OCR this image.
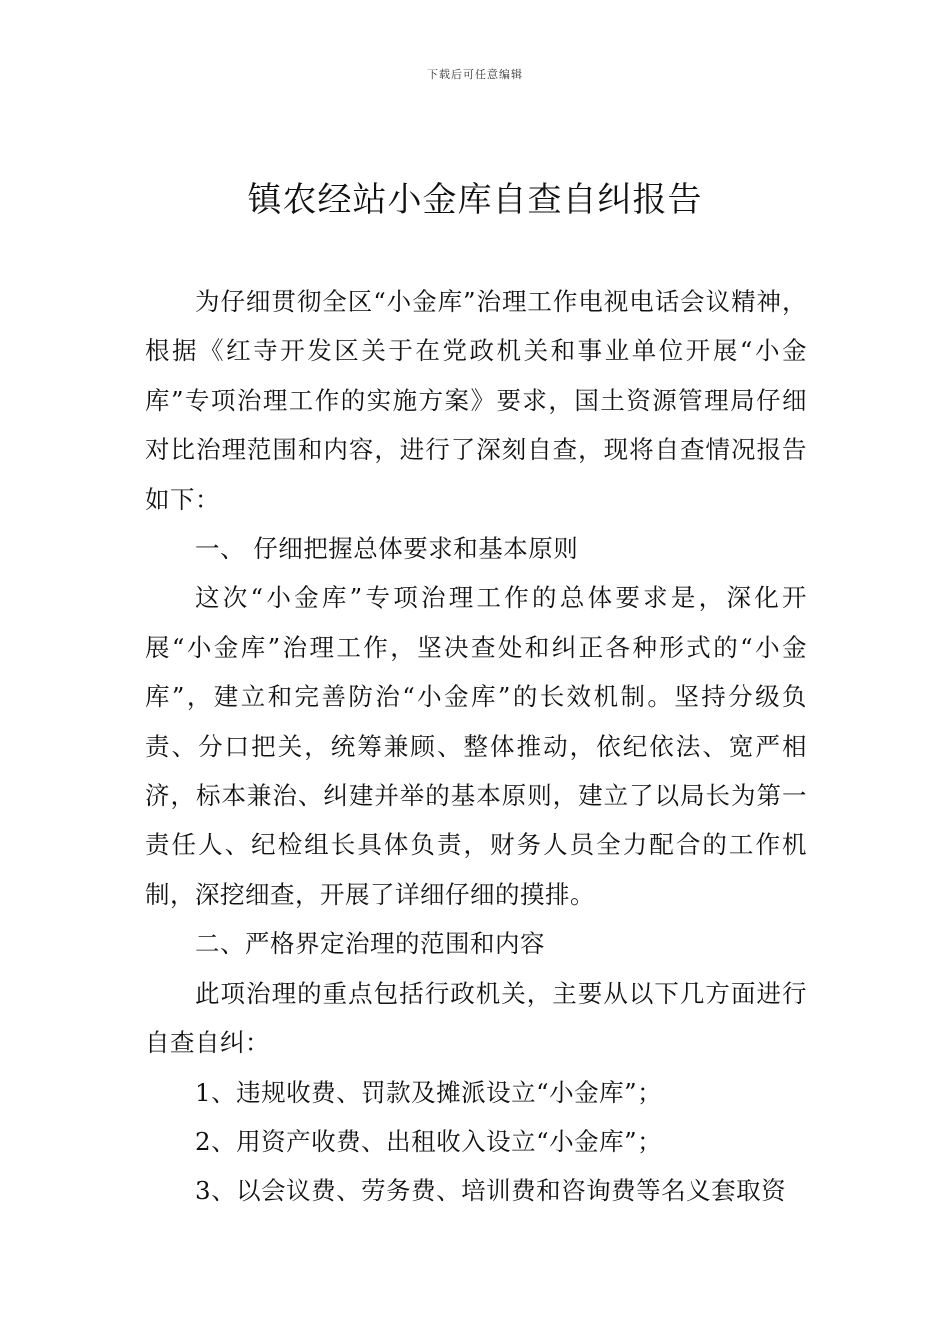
下载后可任意编辑
镇农经站小金库自查自纠报告

为仔细贯彻全区“小金库”治理工作电视电话会议精神，根据《红寺开发区关于在党政机关和事业单位开展“小金库”专项治理工作的实施方案》要求，国土资源管理局仔细对比治理范围和内容，进行了深刻自查，现将自查情况报告如下：

一、 仔细把握总体要求和基本原则

这次“小金库”专项治理工作的总体要求是，深化开展“小金库”治理工作，坚决查处和纠正各种形式的“小金库”，建立和完善防治“小金库”的长效机制。坚持分级负责、分口把关，统筹兼顾、整体推动，依纪依法、宽严相济，标本兼治、纠建并举的基本原则，建立了以局长为第一责任人、纪检组长具体负责，财务人员全力配合的工作机制，深挖细查，开展了详细仔细的摸排。

二、严格界定治理的范围和内容

此项治理的重点包括行政机关，主要从以下几方面进行自查自纠：

1、违规收费、罚款及摊派设立“小金库”；

2、用资产收费、出租收入设立“小金库”；

3、以会议费、劳务费、培训费和咨询费等名义套取资
